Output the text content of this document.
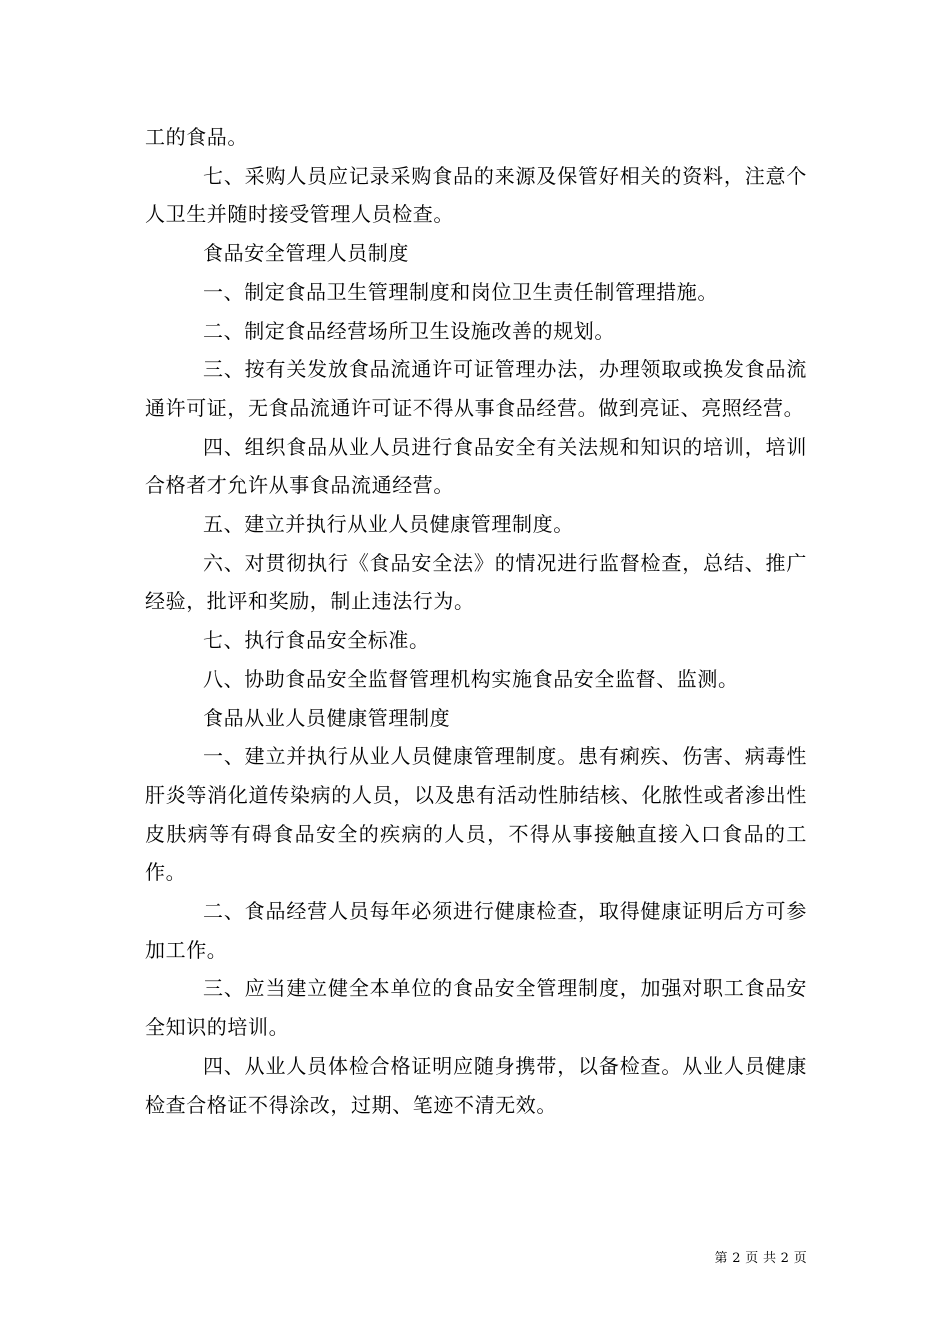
工的食品。

七、采购人员应记录采购食品的来源及保管好相关的资料，注意个人卫生并随时接受管理人员检查。

食品安全管理人员制度

一、制定食品卫生管理制度和岗位卫生责任制管理措施。

二、制定食品经营场所卫生设施改善的规划。

三、按有关发放食品流通许可证管理办法，办理领取或换发食品流通许可证，无食品流通许可证不得从事食品经营。做到亮证、亮照经营。

四、组织食品从业人员进行食品安全有关法规和知识的培训，培训合格者才允许从事食品流通经营。

五、建立并执行从业人员健康管理制度。

六、对贯彻执行《食品安全法》的情况进行监督检查，总结、推广经验，批评和奖励，制止违法行为。

七、执行食品安全标准。

八、协助食品安全监督管理机构实施食品安全监督、监测。

食品从业人员健康管理制度

一、建立并执行从业人员健康管理制度。患有痢疾、伤害、病毒性肝炎等消化道传染病的人员，以及患有活动性肺结核、化脓性或者渗出性皮肤病等有碍食品安全的疾病的人员，不得从事接触直接入口食品的工作。

二、食品经营人员每年必须进行健康检查，取得健康证明后方可参加工作。

三、应当建立健全本单位的食品安全管理制度，加强对职工食品安全知识的培训。

四、从业人员体检合格证明应随身携带，以备检查。从业人员健康检查合格证不得涂改，过期、笔迹不清无效。

第 2 页 共 2 页
